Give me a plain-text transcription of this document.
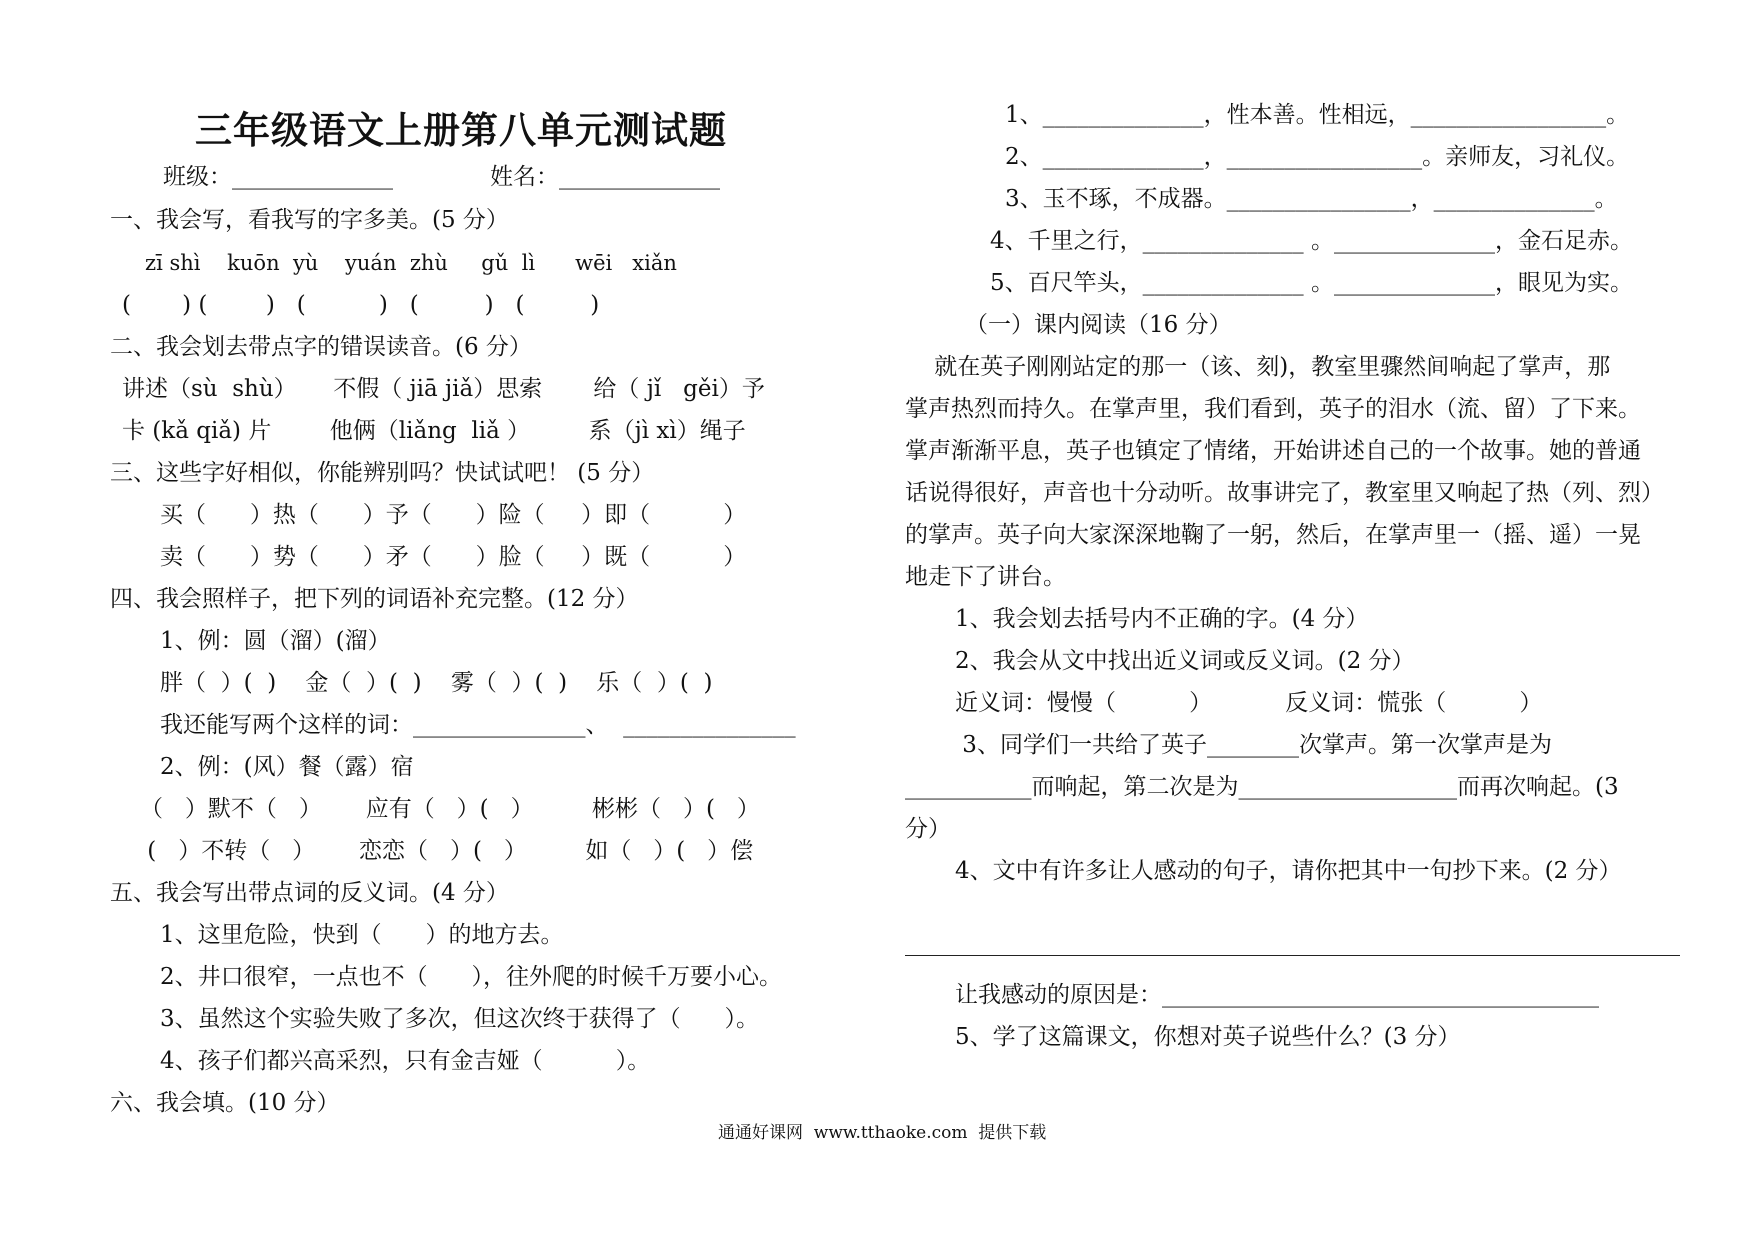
三年级语文上册第八单元测试题
班级：______________	姓名：______________
一、我会写，看我写的字多美。(5 分）
zī shì    kuōn  yù    yuán  zhù     gǔ  lì      wēi   xiǎn
(       ) (        )   (          )   (         )   (         )
二、我会划去带点字的错误读音。(6 分）
讲述（sù  shù）     不假（ jiā jiǎ）思索       给（ jǐ   gěi）予
卡 (kǎ qiǎ) 片        他俩（liǎng  liǎ ）        系（jì xì）绳子
三、这些字好相似，你能辨别吗？快试试吧！ (5 分）
买（      ）热（      ）予（      ）险（     ）即（          ）
卖（      ）势（      ）矛（      ）脸（     ）既（          ）
四、我会照样子，把下列的词语补充完整。(12 分）
1、例：圆（溜）(溜）
胖（  ）(  )    金（  ）(  )    雾（  ）(  )    乐（  ）(  )
我还能写两个这样的词：_______________、  _______________
2、例：(风）餐（露）宿
（   ）默不（   ）      应有（   ）(   ）        彬彬（   ）(   ）
(   ）不转（   ）      恋恋（   ）(   ）        如（   ）(   ）偿
五、我会写出带点词的反义词。(4 分）
1、这里危险，快到（      ）的地方去。
2、井口很窄，一点也不（      ），往外爬的时候千万要小心。
3、虽然这个实验失败了多次，但这次终于获得了（      ）。
4、孩子们都兴高采烈，只有金吉娅（          ）。
六、我会填。(10 分）
1、______________，性本善。性相远，_________________。
2、______________，_________________。亲师友，习礼仪。
3、玉不琢，不成器。________________，______________。
4、千里之行，______________ 。______________，金石足赤。
5、百尺竿头，______________ 。______________，眼见为实。
（一）课内阅读（16 分）
就在英子刚刚站定的那一（该、刻)，教室里骤然间响起了掌声，那
掌声热烈而持久。在掌声里，我们看到，英子的泪水（流、留）了下来。
掌声渐渐平息，英子也镇定了情绪，开始讲述自己的一个故事。她的普通
话说得很好，声音也十分动听。故事讲完了，教室里又响起了热（列、烈）
的掌声。英子向大家深深地鞠了一躬，然后，在掌声里一（摇、遥）一晃
地走下了讲台。
1、我会划去括号内不正确的字。(4 分）
2、我会从文中找出近义词或反义词。(2 分）
近义词：慢慢（          ）          反义词：慌张（          ）
3、同学们一共给了英子________次掌声。第一次掌声是为
___________而响起，第二次是为___________________而再次响起。(3
分）
4、文中有许多让人感动的句子，请你把其中一句抄下来。(2 分）
让我感动的原因是：______________________________________
5、学了这篇课文，你想对英子说些什么？(3 分）
通通好课网  www.tthaoke.com  提供下载
